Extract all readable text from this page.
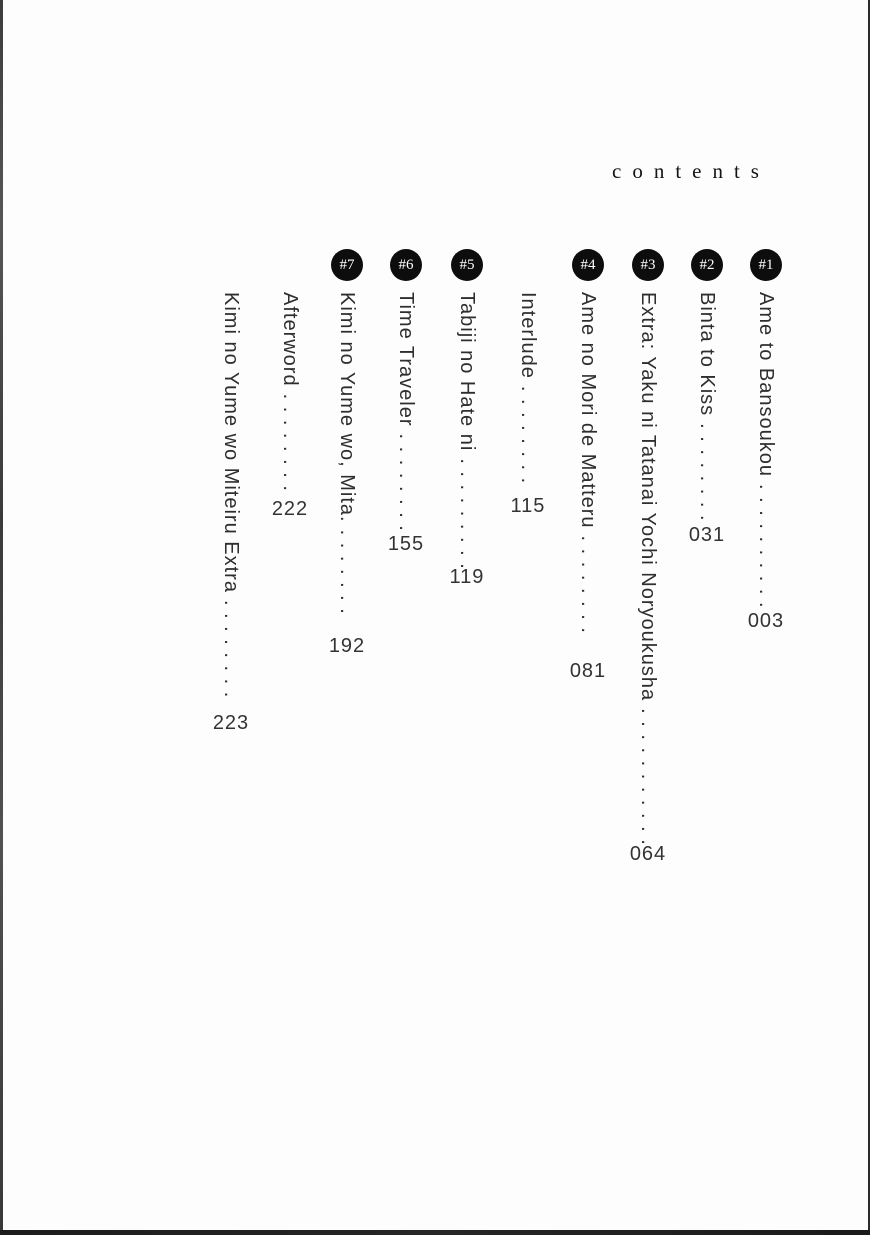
contents
#1
Ame to Bansoukou. . . . . . . . . .
003
#2
Binta to Kiss. . . . . . . .
031
#3
Extra: Yaku ni Tatanai Yochi Noryoukusha. . . . . . . . . . .
064
#4
Ame no Mori de Matteru. . . . . . . .
081
Interlude. . . . . . . .
115
#5
Tabiji no Hate ni. . . . . . . . .
119
#6
Time Traveler. . . . . . . .
155
#7
Kimi no Yume wo, Mita.. . . . . . .
192
Afterword. . . . . . . .
222
Kimi no Yume wo Miteiru Extra. . . . . . . .
223
